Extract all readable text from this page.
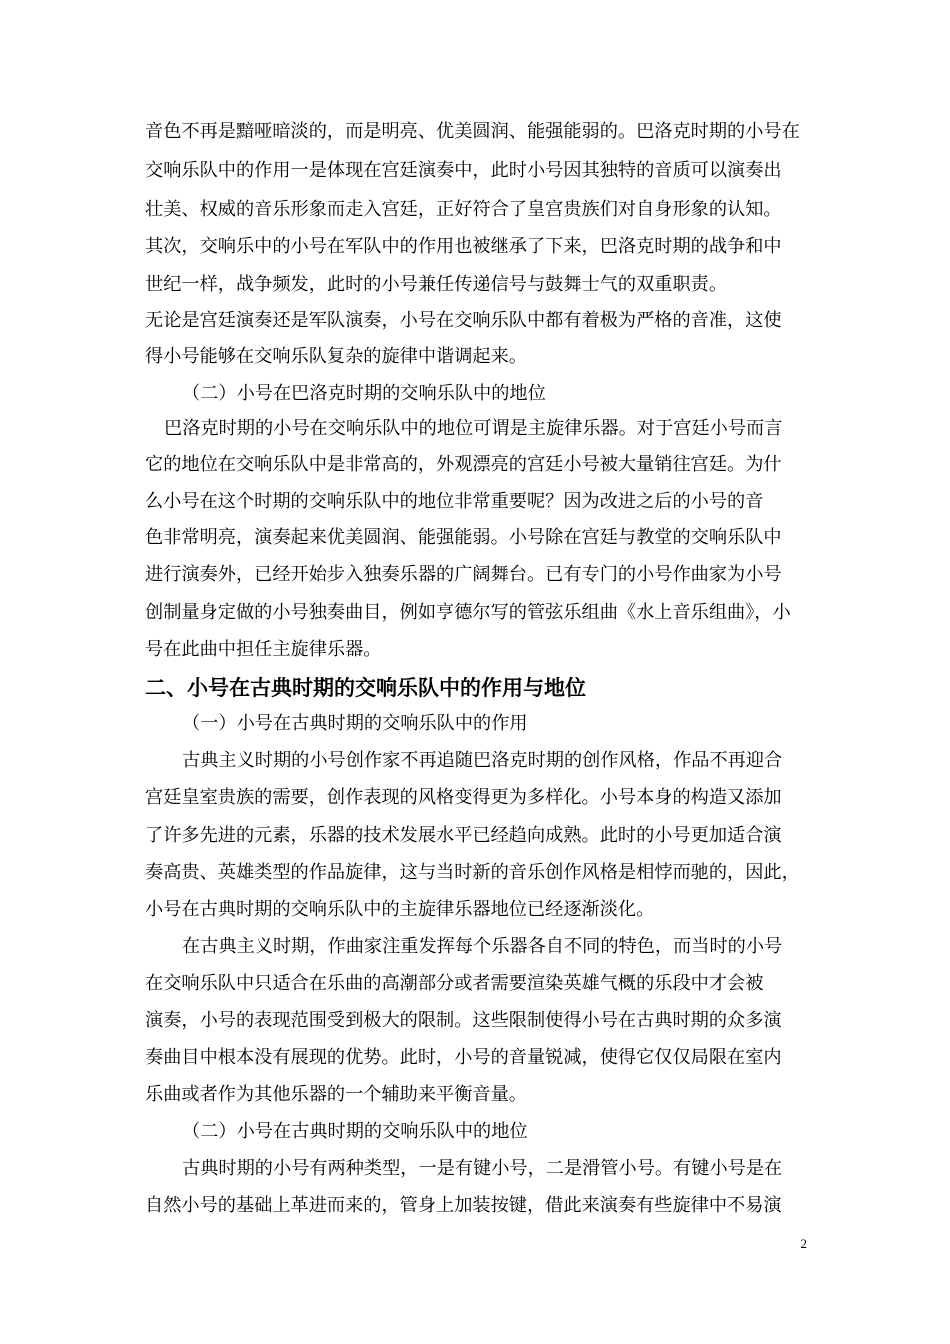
音色不再是黯哑暗淡的，而是明亮、优美圆润、能强能弱的。巴洛克时期的小号在
交响乐队中的作用一是体现在宫廷演奏中，此时小号因其独特的音质可以演奏出
壮美、权威的音乐形象而走入宫廷，正好符合了皇宫贵族们对自身形象的认知。
其次，交响乐中的小号在军队中的作用也被继承了下来，巴洛克时期的战争和中
世纪一样，战争频发，此时的小号兼任传递信号与鼓舞士气的双重职责。
无论是宫廷演奏还是军队演奏，小号在交响乐队中都有着极为严格的音准，这使
得小号能够在交响乐队复杂的旋律中谐调起来。
（二）小号在巴洛克时期的交响乐队中的地位
巴洛克时期的小号在交响乐队中的地位可谓是主旋律乐器。对于宫廷小号而言
它的地位在交响乐队中是非常高的，外观漂亮的宫廷小号被大量销往宫廷。为什
么小号在这个时期的交响乐队中的地位非常重要呢？因为改进之后的小号的音
色非常明亮，演奏起来优美圆润、能强能弱。小号除在宫廷与教堂的交响乐队中
进行演奏外，已经开始步入独奏乐器的广阔舞台。已有专门的小号作曲家为小号
创制量身定做的小号独奏曲目，例如亨德尔写的管弦乐组曲《水上音乐组曲》，小
号在此曲中担任主旋律乐器。
二、小号在古典时期的交响乐队中的作用与地位
（一）小号在古典时期的交响乐队中的作用
古典主义时期的小号创作家不再追随巴洛克时期的创作风格，作品不再迎合
宫廷皇室贵族的需要，创作表现的风格变得更为多样化。小号本身的构造又添加
了许多先进的元素，乐器的技术发展水平已经趋向成熟。此时的小号更加适合演
奏高贵、英雄类型的作品旋律，这与当时新的音乐创作风格是相悖而驰的，因此，
小号在古典时期的交响乐队中的主旋律乐器地位已经逐渐淡化。
在古典主义时期，作曲家注重发挥每个乐器各自不同的特色，而当时的小号
在交响乐队中只适合在乐曲的高潮部分或者需要渲染英雄气概的乐段中才会被
演奏，小号的表现范围受到极大的限制。这些限制使得小号在古典时期的众多演
奏曲目中根本没有展现的优势。此时，小号的音量锐减，使得它仅仅局限在室内
乐曲或者作为其他乐器的一个辅助来平衡音量。
（二）小号在古典时期的交响乐队中的地位
古典时期的小号有两种类型，一是有键小号，二是滑管小号。有键小号是在
自然小号的基础上革进而来的，管身上加装按键，借此来演奏有些旋律中不易演
2
